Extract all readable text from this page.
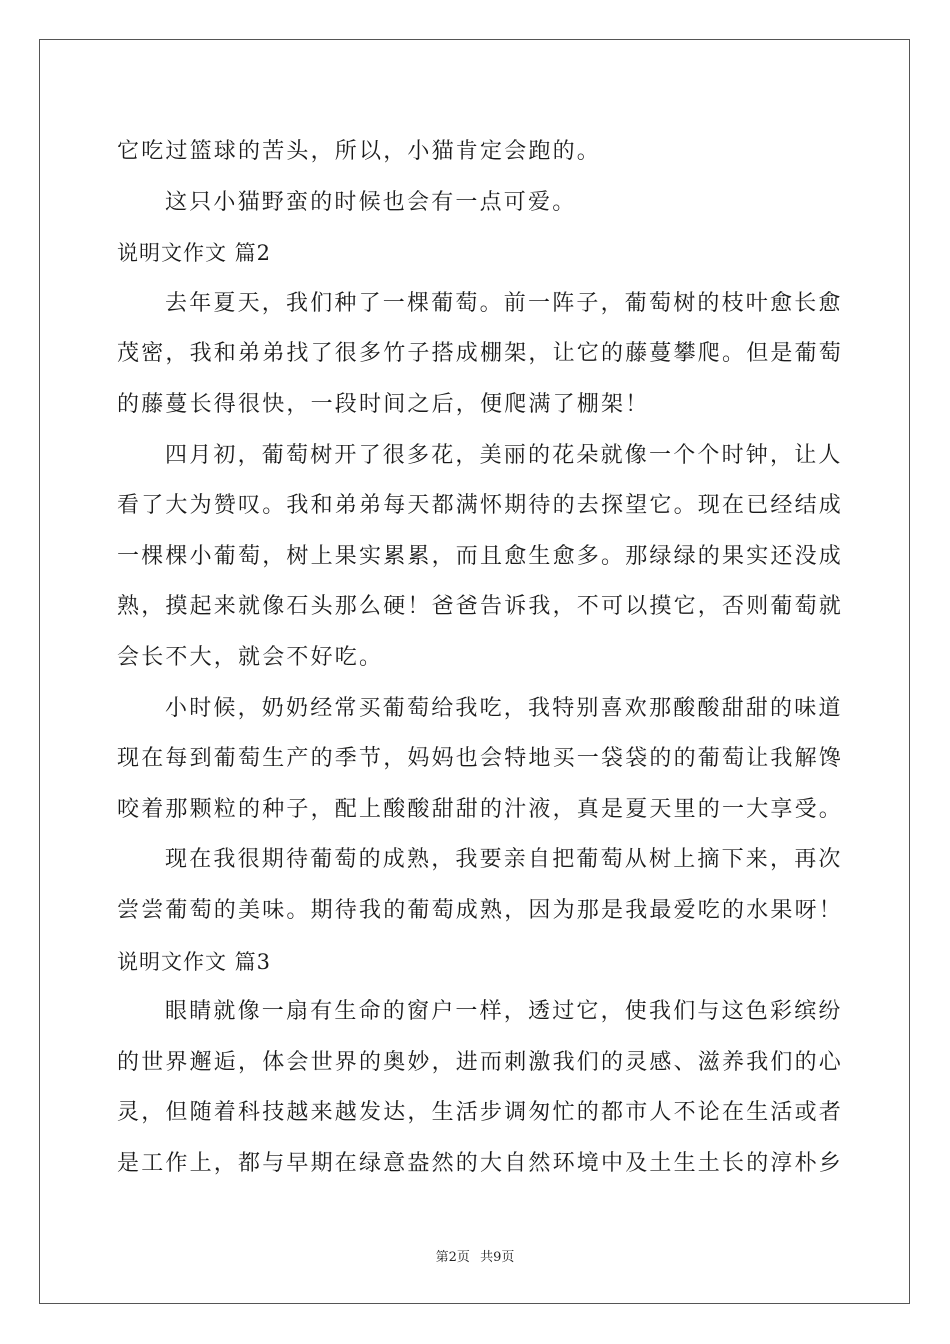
它吃过篮球的苦头，所以，小猫肯定会跑的。
这只小猫野蛮的时候也会有一点可爱。
说明文作文 篇2
去年夏天，我们种了一棵葡萄。前一阵子，葡萄树的枝叶愈长愈
茂密，我和弟弟找了很多竹子搭成棚架，让它的藤蔓攀爬。但是葡萄
的藤蔓长得很快，一段时间之后，便爬满了棚架！
四月初，葡萄树开了很多花，美丽的花朵就像一个个时钟，让人
看了大为赞叹。我和弟弟每天都满怀期待的去探望它。现在已经结成
一棵棵小葡萄，树上果实累累，而且愈生愈多。那绿绿的果实还没成
熟，摸起来就像石头那么硬！爸爸告诉我，不可以摸它，否则葡萄就
会长不大，就会不好吃。
小时候，奶奶经常买葡萄给我吃，我特别喜欢那酸酸甜甜的味道
现在每到葡萄生产的季节，妈妈也会特地买一袋袋的的葡萄让我解馋
咬着那颗粒的种子，配上酸酸甜甜的汁液，真是夏天里的一大享受。
现在我很期待葡萄的成熟，我要亲自把葡萄从树上摘下来，再次
尝尝葡萄的美味。期待我的葡萄成熟，因为那是我最爱吃的水果呀！
说明文作文 篇3
眼睛就像一扇有生命的窗户一样，透过它，使我们与这色彩缤纷
的世界邂逅，体会世界的奥妙，进而刺激我们的灵感、滋养我们的心
灵，但随着科技越来越发达，生活步调匆忙的都市人不论在生活或者
是工作上，都与早期在绿意盎然的大自然环境中及土生土长的淳朴乡
第2页 共9页
